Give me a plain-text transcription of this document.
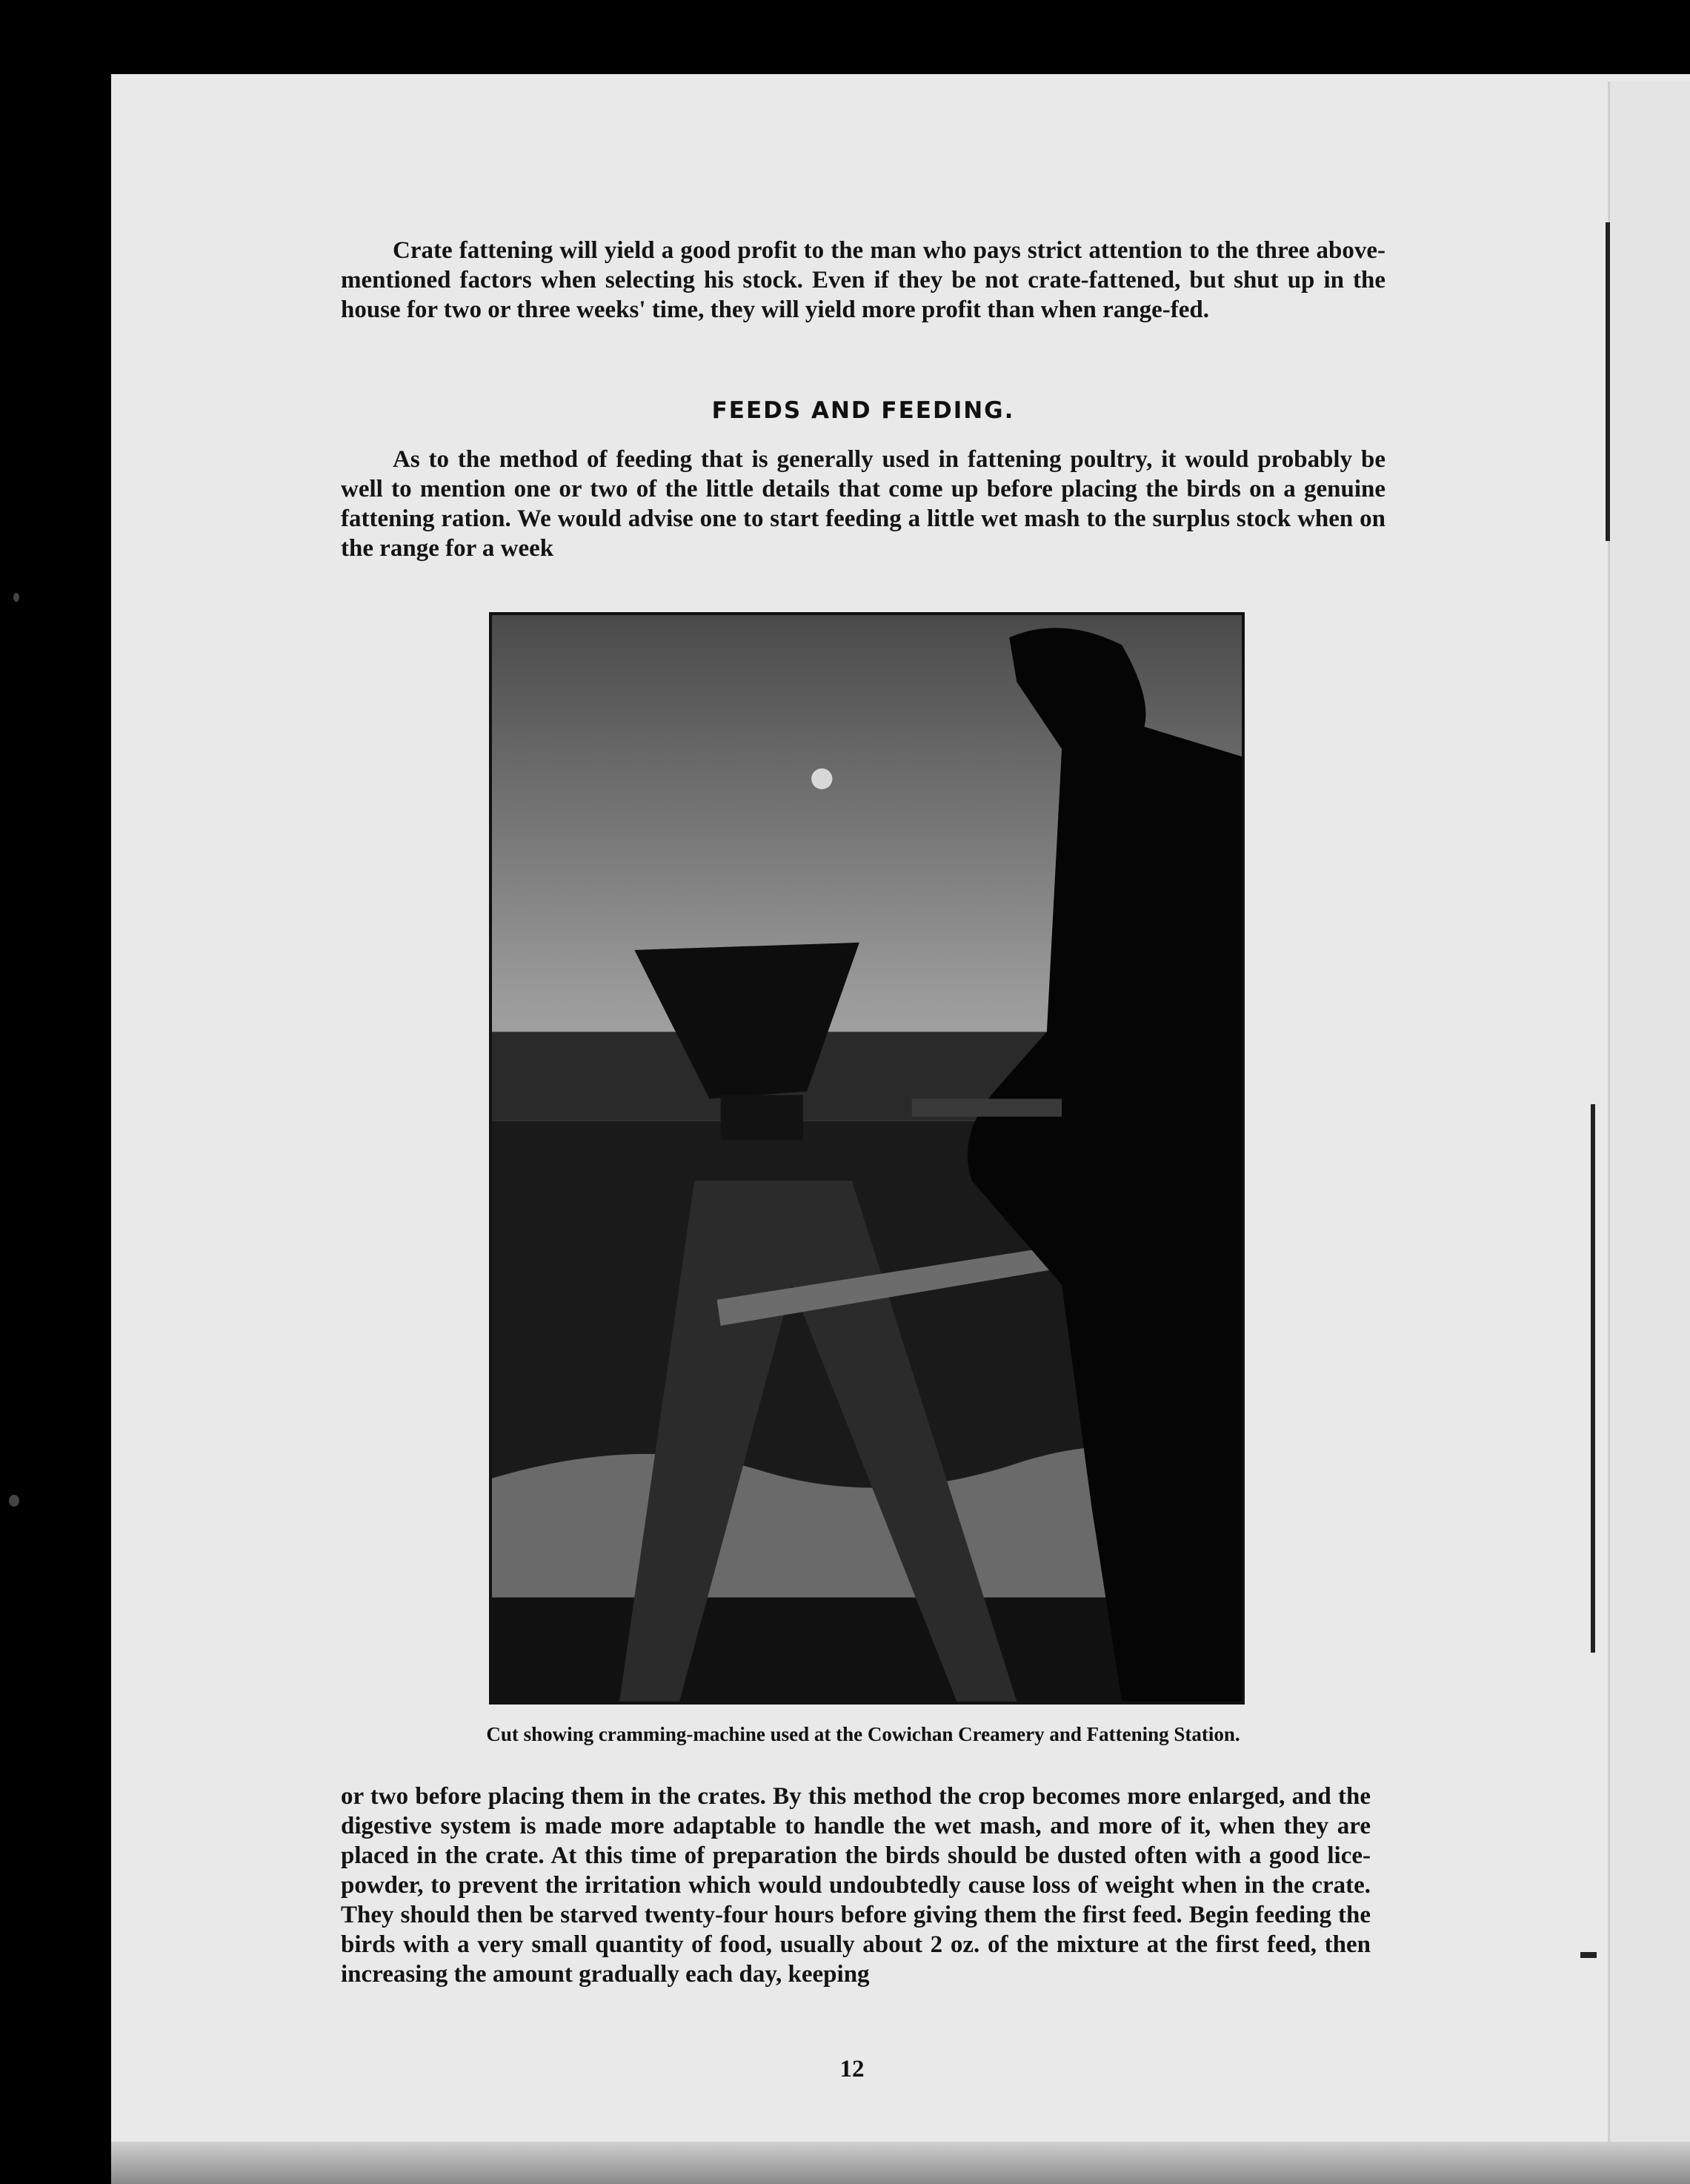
Crate fattening will yield a good profit to the man who pays strict attention to the three above-mentioned factors when selecting his stock. Even if they be not crate-fattened, but shut up in the house for two or three weeks' time, they will yield more profit than when range-fed.

FEEDS AND FEEDING.

As to the method of feeding that is generally used in fattening poultry, it would probably be well to mention one or two of the little details that come up before placing the birds on a genuine fattening ration. We would advise one to start feeding a little wet mash to the surplus stock when on the range for a week

Cut showing cramming-machine used at the Cowichan Creamery and Fattening Station.

or two before placing them in the crates. By this method the crop becomes more enlarged, and the digestive system is made more adaptable to handle the wet mash, and more of it, when they are placed in the crate. At this time of preparation the birds should be dusted often with a good lice-powder, to prevent the irritation which would undoubtedly cause loss of weight when in the crate. They should then be starved twenty-four hours before giving them the first feed. Begin feeding the birds with a very small quantity of food, usually about 2 oz. of the mixture at the first feed, then increasing the amount gradually each day, keeping

12
